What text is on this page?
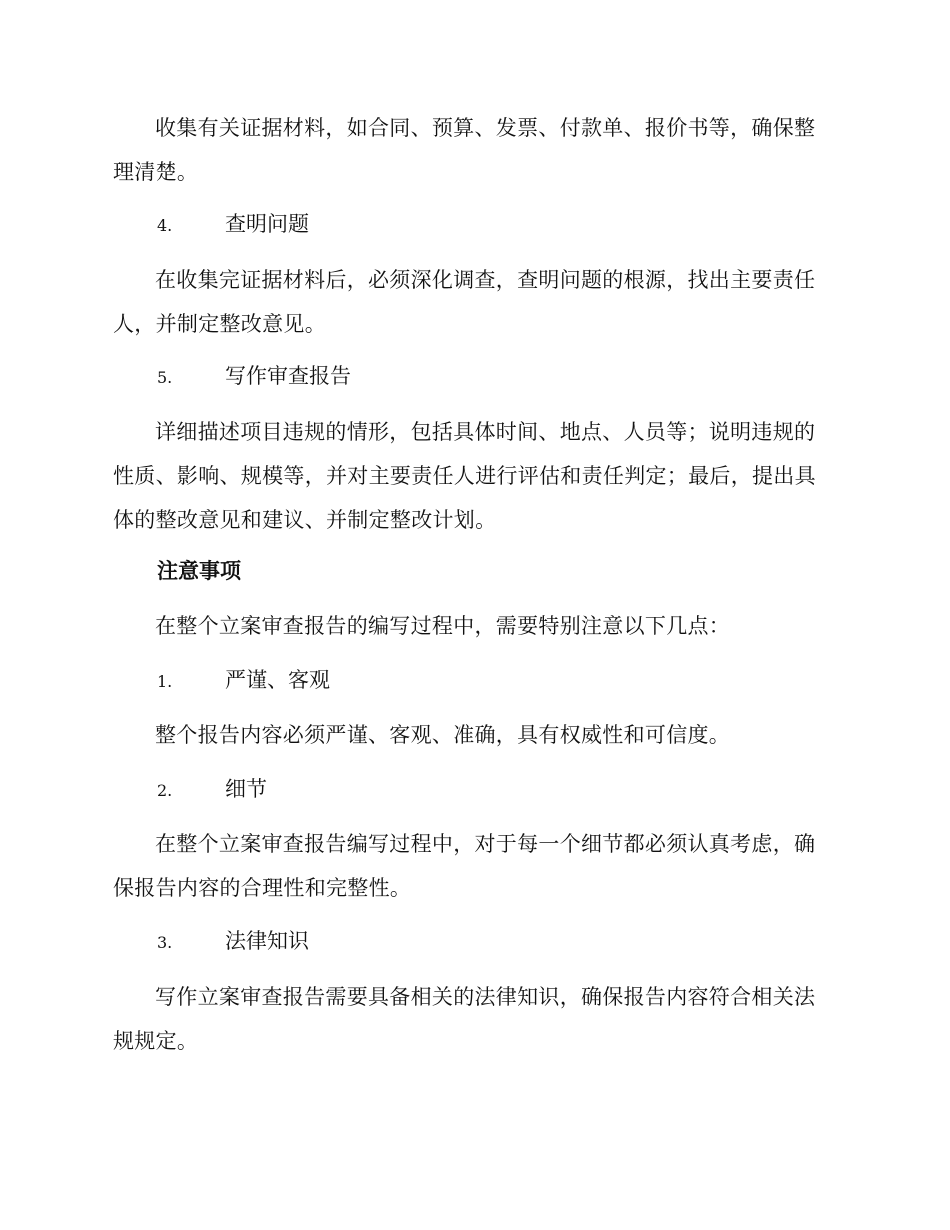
收集有关证据材料，如合同、预算、发票、付款单、报价书等，确保整理清楚。

4.	查明问题

在收集完证据材料后，必须深化调查，查明问题的根源，找出主要责任人，并制定整改意见。

5.	写作审查报告

详细描述项目违规的情形，包括具体时间、地点、人员等；说明违规的性质、影响、规模等，并对主要责任人进行评估和责任判定；最后，提出具体的整改意见和建议、并制定整改计划。

注意事项

在整个立案审查报告的编写过程中，需要特别注意以下几点：

1.	严谨、客观

整个报告内容必须严谨、客观、准确，具有权威性和可信度。

2.	细节

在整个立案审查报告编写过程中，对于每一个细节都必须认真考虑，确保报告内容的合理性和完整性。

3.	法律知识

写作立案审查报告需要具备相关的法律知识，确保报告内容符合相关法规规定。
